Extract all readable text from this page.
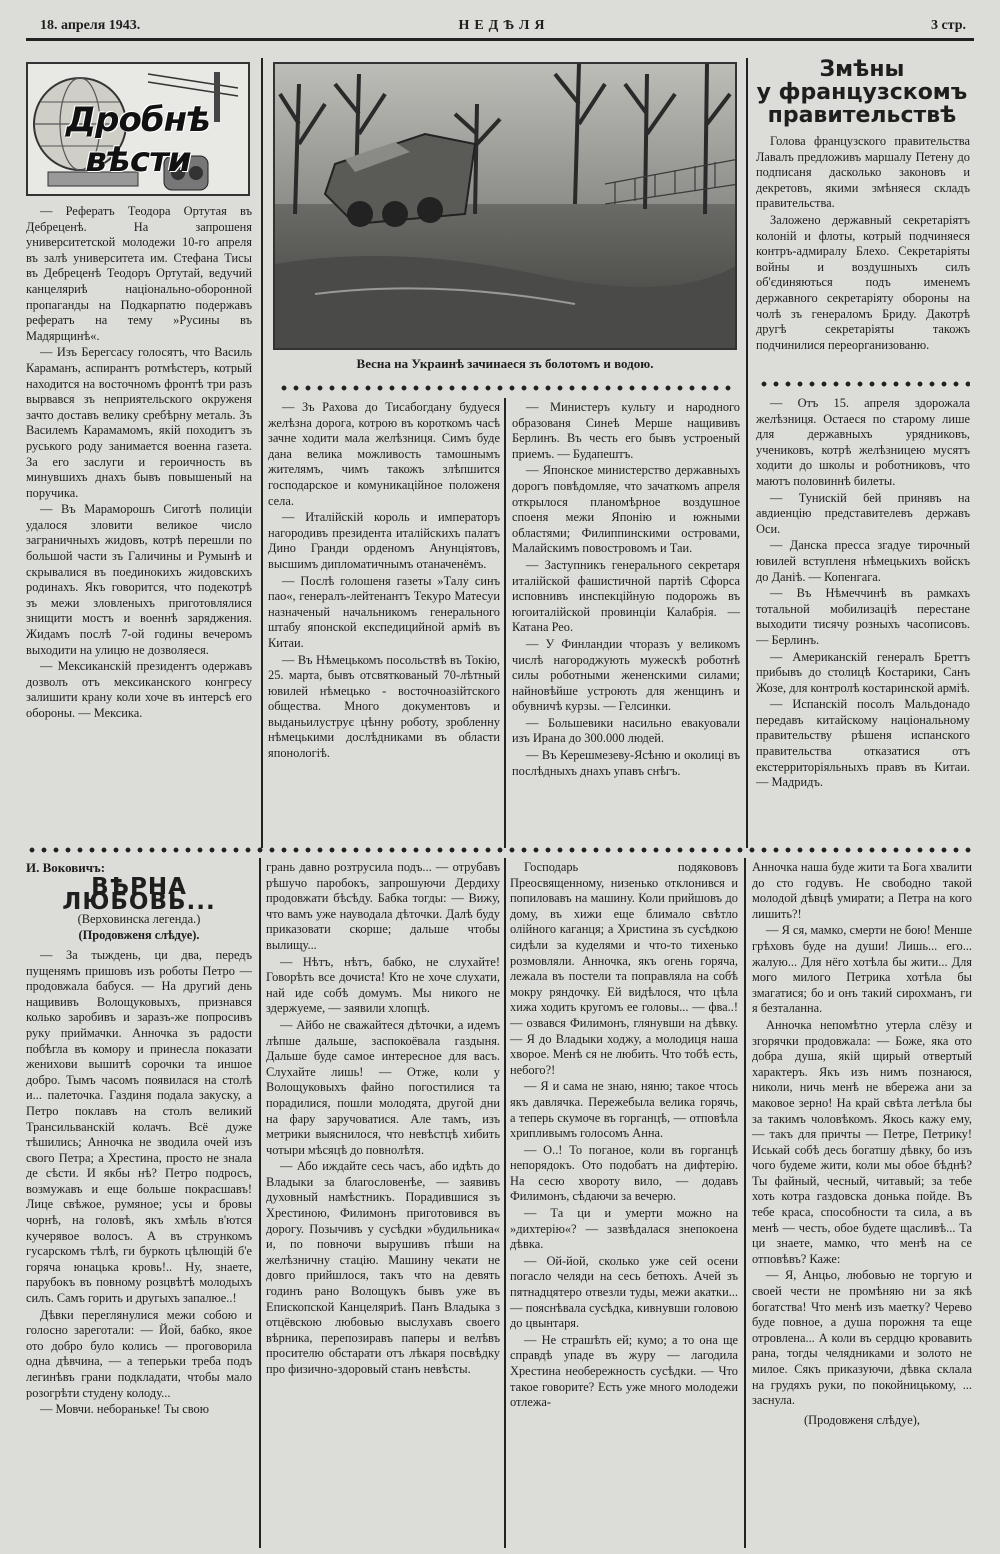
18. апреля 1943.	НЕДѢЛЯ	3 стр.
Дробнѣ вѣсти
Весна на Украинѣ зачинаеся зъ болотомъ и водою.
Змѣны
у французскомъ
правительствѣ

— Рефератъ Теодора Ортутая въ Дебреценѣ. На запрошеня университетской молодежи 10-го апреля въ залѣ университета им. Стефана Тисы въ Дебреценѣ Теодоръ Ортутай, ведучий канцеляриѣ національно-оборонной пропаганды на Подкарпатю подержавъ рефератъ на тему »Русины въ Мадярщинѣ«.

— Изъ Берегсасу голосятъ, что Василь Караманъ, аспирантъ ротмѣстеръ, котрый находится на восточномъ фронтѣ три разъ вырвався зъ неприятельского окруженя зачто доставъ велику сребѣрну металь. Зъ Василемъ Карамамомъ, якій походитъ зъ руського роду занимается военна газета. За его заслуги и героичность въ минувшихъ днахъ бывъ повышеный на поручика.

— Въ Мараморошъ Сиготѣ полиціи удалося зловити великое число заграничныхъ жидовъ, котрѣ перешли по большой части зъ Галичины и Румынѣ и скрывалися въ поединокихъ жидовскихъ родинахъ. Якъ говорится, что подекотрѣ зъ межи зловленыхъ приготовлялися знищити мостъ и военнѣ заряджения. Жидамъ послѣ 7-ой годины вечеромъ выходити на улицю не дозволяеся.

— Мексиканскій президентъ одержавъ дозволъ отъ мексиканского конгресу залишити крану коли хоче въ интерсѣ его обороны. — Мексика.

— Зъ Рахова до Тисабогдану будуеся желѣзна дорога, котрою въ короткомъ часѣ зачне ходити мала желѣзниця. Симъ буде дана велика можливость тамошнымъ жителямъ, чимъ такожъ злѣпшится господарское и комуникаційное положеня села.

— Италійскій король и императоръ нагородивъ президента италійскихъ палатъ Дино Гранди орденомъ Анунціятовъ, высшимъ дипломатичнымъ отаначенёмъ.

— Послѣ голошеня газеты »Талу синъ пао«, генералъ-лейтенантъ Текуро Матесуи назначеный начальникомъ генерального штабу японской експедицийной армiѣ въ Китаи.

— Въ Нѣмецькомъ посольствѣ въ Токію, 25. марта, бывъ отсвяткованый 70-лѣтный ювилей нѣмецько - восточноазійтского общества. Много документовъ и выданьилуструє цѣнну роботу, зробленну нѣмецькими дослѣдниками въ области японологiѣ.

— Министеръ культу и народного образованя Синеѣ Мерше нащививъ Берлинъ. Въ честь его бывъ устроеный приемъ. — Будапештъ.

— Японское министерство державныхъ дорогъ повѣдомляе, что зачаткомъ апреля открылося планомѣрное воздушное споеня межи Японію и южными областями; Филиппинскими островами, Малайскимъ повостровомъ и Таи.

— Заступникъ генерального секретаря италійской фашистичной партіѣ Сфорса исповнивъ инспекційную подорожь въ югоиталійской провинціи Калабрія. — Катана Рео.

— У Финландии чторазъ у великомъ числѣ нагороджують мужескѣ роботнѣ силы роботными жененскими силами; найновѣйше устроють для женщинъ и обувничѣ курзы. — Гелсинки.

— Большевики насильно евакуовали изъ Ирана до 300.000 людей.

— Въ Керешмезеву-Ясѣню и околиці въ послѣдныхъ днахъ упавъ снѣгъ.

Голова французского правительства Лавалъ предложивъ маршалу Петену до подписаня дасколько законовъ и декретовъ, якими змѣняеся складъ правительства.

Заложено державный секретаріятъ колоній и флоты, котрый подчиняеся контръ-адмиралу Блехо. Секретаріяты войны и воздушныхъ силъ об'єдиняються подъ именемъ державного секретаріяту обороны на чолѣ зъ генераломъ Бриду. Дакотрѣ другѣ секретаріяты такожъ подчинилися переорганизованю.

— Отъ 15. апреля здорожала желѣзниця. Остаеся по старому лише для державныхъ урядниковъ, учениковъ, котрѣ желѣзницею мусятъ ходити до школы и роботниковъ, что маютъ половиннѣ билеты.

— Тунискій бей принявъ на авдиенцію представителевъ державъ Оси.

— Данска пресса згадуе тирочный ювилей вступленя нѣмецькихъ войскъ до Данiѣ. — Копенгага.

— Въ Нѣмеччинѣ въ рамкахъ тотальной мобилизаціѣ перестане выходити тисячу розныхъ часописовъ. — Берлинъ.

— Американскій генералъ Бреттъ прибывъ до столицѣ Костарики, Санъ Жозе, для контролѣ костаринской армiѣ.

— Испанскій посолъ Мальдонадо передавъ китайскому національному правительству рѣшеня испанского правительства отказатися отъ екстерриторіяльныхъ правъ въ Китаи. — Мадридъ.

И. Воковичъ:

ВѢРНА ЛЮБОВЬ...

(Верховинска легенда.)

(Продовженя слѣдуе).

— За тыждень, ци два, передъ пущенямъ пришовъ изъ роботы Петро — продовжала бабуся. — На другий день нащививъ Волощуковыхъ, признався колько заробивъ и заразъ-же попросивъ руку приймачки. Анночка зъ радости побѣгла въ комору и принесла показати женихови вышитѣ сорочки та иншое добро. Тымъ часомъ появилася на столѣ и... палеточка. Газдиня подала закуску, а Петро поклавъ на столъ великий Трансильванскій колачъ. Всё дуже тѣшились; Анночка не зводила очей изъ свого Петра; а Хрестина, просто не знала де сѣсти. И якбы нѣ? Петро подросъ, возмужавъ и еще больше покрасшавъ! Лице свѣжое, румяное; усы и бровы чорнѣ, на головѣ, якъ хмѣль в'ются кучерявое волосъ. А въ стрункомъ гусарскомъ тѣлѣ, ги буркоть цѣлющій б'е горяча юнацька кровь!.. Ну, знаете, парубокъ въ повному розцвѣтѣ молодыхъ силъ. Самъ горить и другыхъ запалюе..!

Дѣвки переглянулися межи собою и голосно зареготали: — Йой, бабко, якое ото добро було колись — проговорила одна дѣвчина, — а теперьки треба подъ легинѣвъ грани подкладати, чтобы мало розогрѣти студену колоду...

— Мовчи. небораньке! Ты свою

грань давно розтрусила подъ... — отрубавъ рѣшучо паробокъ, запрошуючи Дердиху продовжати бѣсѣду. Бабка тогды: — Вижу, что вамъ уже науводала дѣточки. Далѣ буду приказовати скорше; дальше чтобы вылищу...

— Нѣтъ, нѣтъ, бабко, не слухайте! Говорѣть все дочиста! Кто не хоче слухати, най иде собѣ домумъ. Мы никого не здержуеме, — заявили хлопцѣ.

— Айбо не сважайтеся дѣточки, а идемъ лѣпше дальше, заспокоёвала газдыня. Дальше буде самое интересное для васъ. Слухайте лишь! — Отже, коли у Волощуковыхъ файно погостилися та порадилися, пошли молодята, другой дни на фару заручоватися. Але тамъ, изъ метрики выяснилося, что невѣстцѣ хибить чотыри мѣсяцѣ до повнолѣтя.

— Або иждайте сесь часъ, або идѣть до Владыки за благословенѣе, — заявивъ духовный намѣстникъ. Порадившися зъ Хрестиною, Филимонъ приготовився въ дорогу. Позычивъ у сусѣдки »будильника« и, по повночи вырушивъ пѣши на желѣзничну стацію. Машину чекати не довго прийшлося, такъ что на девять годинъ рано Волощукъ бывъ уже въ Епископской Канцеляриѣ. Панъ Владыка з отцёвскою любовью выслухавъ своего вѣрника, перепозиравъ паперы и велѣвъ просителю обстарати отъ лѣкаря посвѣдку про физично-здоровый станъ невѣсты.

Господарь подякововъ Преосвященному, низенько отклонився и попиловавъ на машину. Коли прийшовъ до дому, въ хижи еще блимало свѣтло олійного каганця; а Христина зъ сусѣдкою сидѣли за куделями и что-то тихенько розмовляли. Анночка, якъ огень горяча, лежала въ постели та поправляла на собѣ мокру ряндочку. Ей видѣлося, что цѣла хижа ходить кругомъ ее головы... — фва..! — озвався Филимонъ, глянувши на дѣвку. — Я до Владыки ходжу, а молодиця наша хворое. Менѣ ся не любить. Что тобѣ есть, небого?!

— Я и сама не знаю, няню; такое чтось якъ давлячка. Пережебыла велика горячь, а теперь скумоче въ горганцѣ, — отповѣла хрипливымъ голосомъ Анна.

— О..! То поганое, коли въ горганцѣ непорядокъ. Ото подобатъ на дифтерію. На сесю хвороту вило, — додавъ Филимонъ, сѣдаючи за вечерю.

— Та ци и умерти можно на »дихтерію«? — зазвѣдалася знепокоена дѣвка.

— Ой-йой, сколько уже сей осени погасло челяди на сесь бетюхъ. Ачей зъ пятнадцятеро отвезли туды, межи акатки... — пояснѣвала сусѣдка, кивнувши головою до цвынтаря.

— Не страшѣть ей; кумо; а то она ще справдѣ упаде въ журу — лагодила Хрестина необережность сусѣдки. — Что такое говорите? Есть уже много молодежи отлежа-

Анночка наша буде жити та Бога хвалити до сто годувъ. Не свободно такой молодой дѣвцѣ умирати; а Петра на кого лишить?!

— Я ся, мамко, смерти не бою! Менше грѣховъ буде на души! Лишь... его... жалую... Для нёго хотѣла бы жити... Для мого милого Петрика хотѣла бы змагатися; бо и онъ такий сирохманъ, ги я безталанна.

Анночка непомѣтно утерла слёзу и згорячки продовжала: — Боже, яка ото добра душа, якій щирый отвертый характеръ. Якъ изъ нимъ познаюся, николи, ничь менѣ не вбережа ани за маковое зерно! На край свѣта летѣла бы за такимъ чоловѣкомъ. Якось кажу ему, — такъ для причты — Петре, Петрику! Иськай собѣ десь богатшу дѣвку, бо изъ чого будеме жити, коли мы обое бѣднѣ? Ты файный, чесный, читавый; за тебе хоть котра газдовска донька пойде. Въ тебе краса, способности та сила, а въ менѣ — честь, обое будете щасливѣ... Та ци знаете, мамко, что менѣ на се отповѣвъ? Каже:

— Я, Анцьо, любовью не торгую и своей чести не промѣняю ни за якѣ богатства! Что менѣ изъ маетку? Черево буде повное, а душа порожня та еще отровлена... А коли въ сердцю кровавить рана, тогды челядниками и золото не милое. Сякъ приказуючи, дѣвка склала на грудяхъ руки, по покойницькому, ... заснула.

(Продовженя слѣдуе),
